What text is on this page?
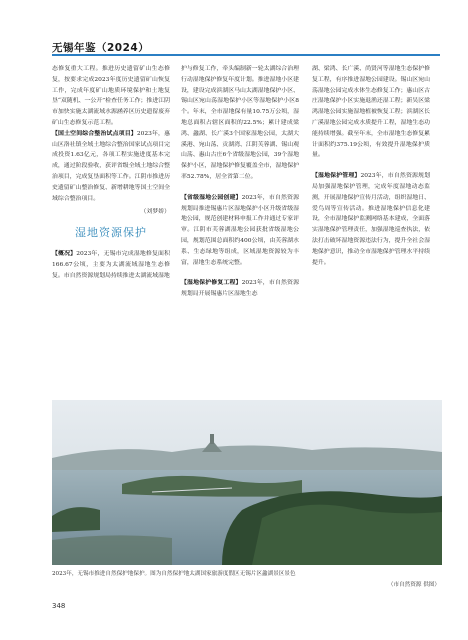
无锡年鉴（2024）

态修复重大工程。推进历史遗留矿山生态修复，按要求完成2023年度历史遗留矿山恢复工作，完成年度矿山地质环境保护和土地复垦“双随机、一公开”检查任务工作；推进江阴市加快实施太湖流域水源涵养区历史遗留废弃矿山生态修复示范工程。

【国土空间综合整治试点项目】2023年，惠山区洛社镇全域土地综合整治国家试点项目完成投资1.63亿元，各项工程实施进度基本完成，通过阶段验收，获评省级全域土地综合整治项目，完成复垦面积等工作。江阴市推进历史遗留矿山整治修复、新增耕地等国土空间全域综合整治项目。

（刘梦娇）

湿地资源保护

【概况】2023年，无锡市完成湿地修复面积166.67公顷，主要为太湖流域湿地生态修复。市自然资源规划局持续推进太湖流域湿地

护与修复工作，牵头编制新一轮太湖综合治理行动湿地保护修复年度计划。推进湿地小区建设，建设完成滨湖区马山太湖湿地保护小区、锡山区宛山荡湿地保护小区等湿地保护小区8个。年末，全市湿地保有量10.75万公顷，湿地总面积占辖区面积的22.5%；累计建成梁鸿、蠡湖、长广溪3个国家湿地公园，太湖大溪港、宛山荡、贡湖湾、江阴芙蓉湖、锡山观山荡、惠山古庄6个省级湿地公园，39个湿地保护小区，湿地保护修复覆盖全市，湿地保护率52.78%，居全省第二位。

【省级湿地公园创建】2023年，市自然资源规划局推进锡惠片区湿地保护小区升级省级湿地公园，规范创建材料申报工作并通过专家评审。江阴市芙蓉湖湿地公园获批省级湿地公园，规划范围总面积约400公顷，由芙蓉湖水系、生态绿地等组成，区域湿地资源较为丰富，湿地生态系统完整。

【湿地保护修复工程】2023年，市自然资源规划局开展锡惠片区湿地生态

湖、梁鸿、长广溪、尚贤河等湿地生态保护修复工程，有序推进湿地公园建设。锡山区宛山荡湿地公园完成水体生态修复工作；惠山区古庄湿地保护小区实施退渔还湿工程；新吴区梁鸿湿地公园实施湿地植被恢复工程；滨湖区长广溪湿地公园完成水质提升工程，湿地生态功能持续增强。截至年末，全市湿地生态修复累计面积约375.19公顷，有效提升湿地保护质量。

【湿地保护管理】2023年，市自然资源规划局加强湿地保护管理，完成年度湿地动态监测，开展湿地保护宣传月活动，组织湿地日、爱鸟周等宣传活动。推进湿地保护信息化建设，全市湿地保护监测网络基本建成，全面落实湿地保护管理责任，加强湿地巡查执法，依法打击破坏湿地资源违法行为，提升全社会湿地保护意识，推动全市湿地保护管理水平持续提升。

2023年，无锡市推进自然保护地保护。图为自然保护地太湖国家旅游度假区无锡片区蠡湖景区景色
（市自然资源 供图）
348
